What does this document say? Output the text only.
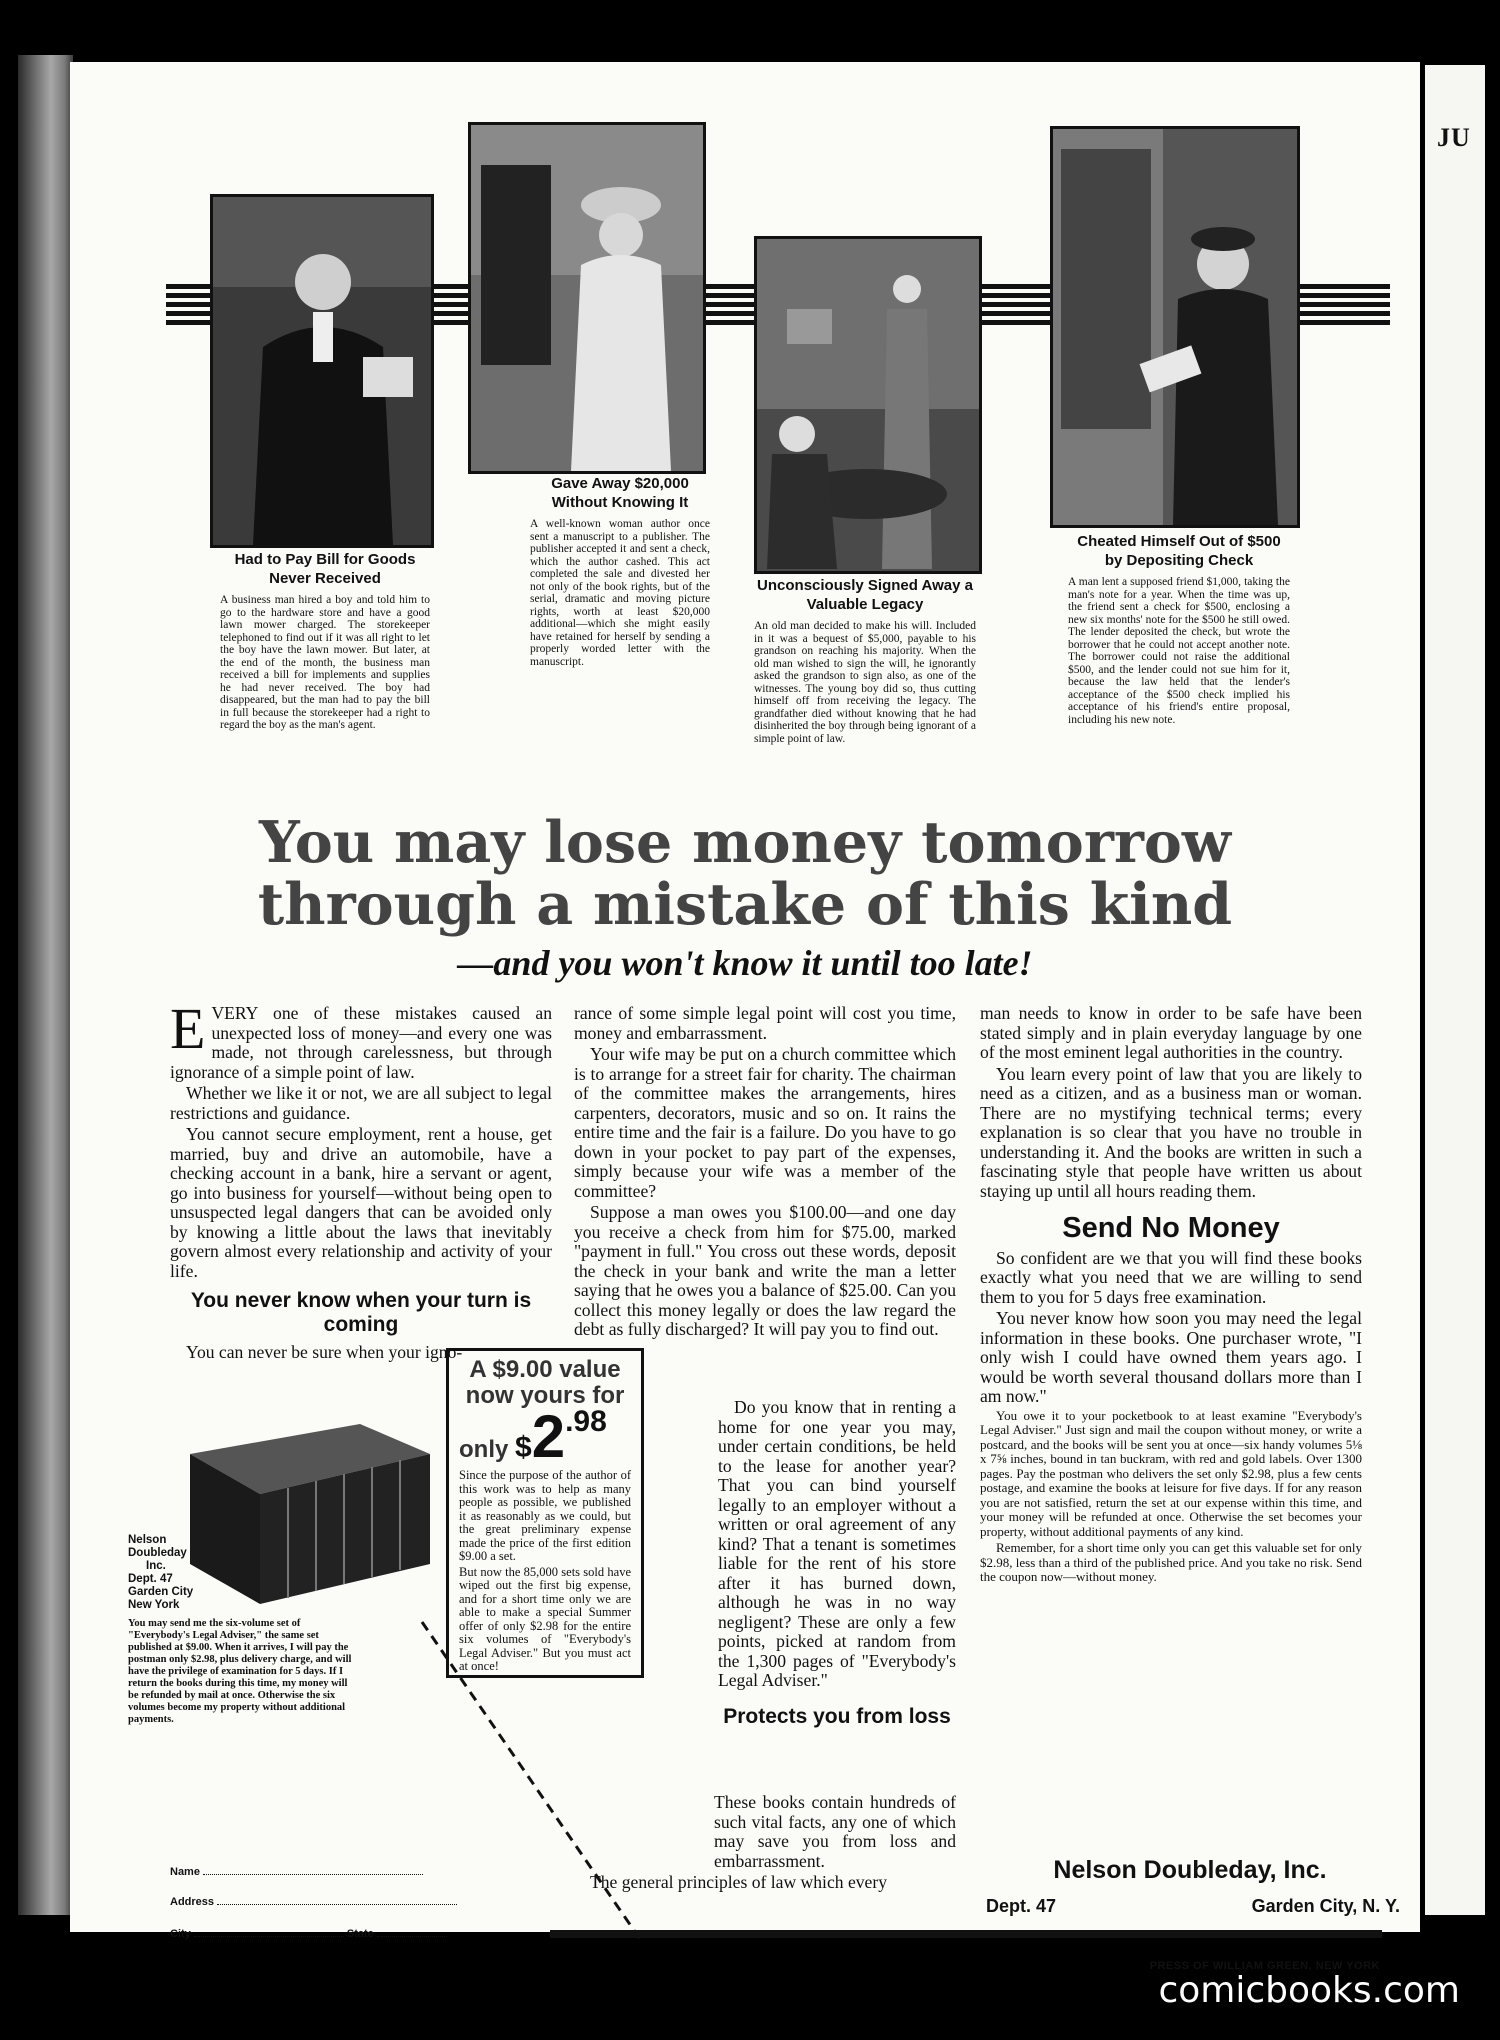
JU
Had to Pay Bill for Goods Never Received
A business man hired a boy and told him to go to the hardware store and have a good lawn mower charged. The storekeeper telephoned to find out if it was all right to let the boy have the lawn mower. But later, at the end of the month, the business man received a bill for implements and supplies he had never received. The boy had disappeared, but the man had to pay the bill in full because the storekeeper had a right to regard the boy as the man's agent.
Gave Away $20,000 Without Knowing It
A well-known woman author once sent a manuscript to a publisher. The publisher accepted it and sent a check, which the author cashed. This act completed the sale and divested her not only of the book rights, but of the serial, dramatic and moving picture rights, worth at least $20,000 additional—which she might easily have retained for herself by sending a properly worded letter with the manuscript.
Unconsciously Signed Away a Valuable Legacy
An old man decided to make his will. Included in it was a bequest of $5,000, payable to his grandson on reaching his majority. When the old man wished to sign the will, he ignorantly asked the grandson to sign also, as one of the witnesses. The young boy did so, thus cutting himself off from receiving the legacy. The grandfather died without knowing that he had disinherited the boy through being ignorant of a simple point of law.
Cheated Himself Out of $500 by Depositing Check
A man lent a supposed friend $1,000, taking the man's note for a year. When the time was up, the friend sent a check for $500, enclosing a new six months' note for the $500 he still owed. The lender deposited the check, but wrote the borrower that he could not accept another note. The borrower could not raise the additional $500, and the lender could not sue him for it, because the law held that the lender's acceptance of the $500 check implied his acceptance of his friend's entire proposal, including his new note.
You may lose money tomorrow
through a mistake of this kind
—and you won't know it until too late!

EVERY one of these mistakes caused an unexpected loss of money—and every one was made, not through carelessness, but through ignorance of a simple point of law.

Whether we like it or not, we are all subject to legal restrictions and guidance.

You cannot secure employment, rent a house, get married, buy and drive an automobile, have a checking account in a bank, hire a servant or agent, go into business for yourself—without being open to unsuspected legal dangers that can be avoided only by knowing a little about the laws that inevitably govern almost every relationship and activity of your life.

You never know when your turn is coming

You can never be sure when your igno-

rance of some simple legal point will cost you time, money and embarrassment.

Your wife may be put on a church committee which is to arrange for a street fair for charity. The chairman of the committee makes the arrangements, hires carpenters, decorators, music and so on. It rains the entire time and the fair is a failure. Do you have to go down in your pocket to pay part of the expenses, simply because your wife was a member of the committee?

Suppose a man owes you $100.00—and one day you receive a check from him for $75.00, marked "payment in full." You cross out these words, deposit the check in your bank and write the man a letter saying that he owes you a balance of $25.00. Can you collect this money legally or does the law regard the debt as fully discharged? It will pay you to find out.

Do you know that in renting a home for one year you may, under certain conditions, be held to the lease for another year? That you can bind yourself legally to an employer without a written or oral agreement of any kind? That a tenant is sometimes liable for the rent of his store after it has burned down, although he was in no way negligent? These are only a few points, picked at random from the 1,300 pages of "Everybody's Legal Adviser."

Protects you from loss

These books contain hundreds of such vital facts, any one of which may save you from loss and embarrassment.

The general principles of law which every

man needs to know in order to be safe have been stated simply and in plain everyday language by one of the most eminent legal authorities in the country.

You learn every point of law that you are likely to need as a citizen, and as a business man or woman. There are no mystifying technical terms; every explanation is so clear that you have no trouble in understanding it. And the books are written in such a fascinating style that people have written us about staying up until all hours reading them.

Send No Money

So confident are we that you will find these books exactly what you need that we are willing to send them to you for 5 days free examination.

You never know how soon you may need the legal information in these books. One purchaser wrote, "I only wish I could have owned them years ago. I would be worth several thousand dollars more than I am now."

You owe it to your pocketbook to at least examine "Everybody's Legal Adviser." Just sign and mail the coupon without money, or write a postcard, and the books will be sent you at once—six handy volumes 5⅛ x 7⅝ inches, bound in tan buckram, with red and gold labels. Over 1300 pages. Pay the postman who delivers the set only $2.98, plus a few cents postage, and examine the books at leisure for five days. If for any reason you are not satisfied, return the set at our expense within this time, and your money will be refunded at once. Otherwise the set becomes your property, without additional payments of any kind.

Remember, for a short time only you can get this valuable set for only $2.98, less than a third of the published price. And you take no risk. Send the coupon now—without money.

A $9.00 value
now yours for
only $2.98
Since the purpose of the author of this work was to help as many people as possible, we published it as reasonably as we could, but the great preliminary expense made the price of the first edition $9.00 a set.
But now the 85,000 sets sold have wiped out the first big expense, and for a short time only we are able to make a special Summer offer of only $2.98 for the entire six volumes of "Everybody's Legal Adviser." But you must act at once!
Nelson
Doubleday
Inc.
Dept. 47
Garden City
New York
You may send me the six-volume set of "Everybody's Legal Adviser," the same set published at $9.00. When it arrives, I will pay the postman only $2.98, plus delivery charge, and will have the privilege of examination for 5 days. If I return the books during this time, my money will be refunded by mail at once. Otherwise the six volumes become my property without additional payments.
Name
Address
City	State
Nelson Doubleday, Inc.
Dept. 47	Garden City, N. Y.
PRESS OF WILLIAM GREEN, NEW YORK
comicbooks.com
